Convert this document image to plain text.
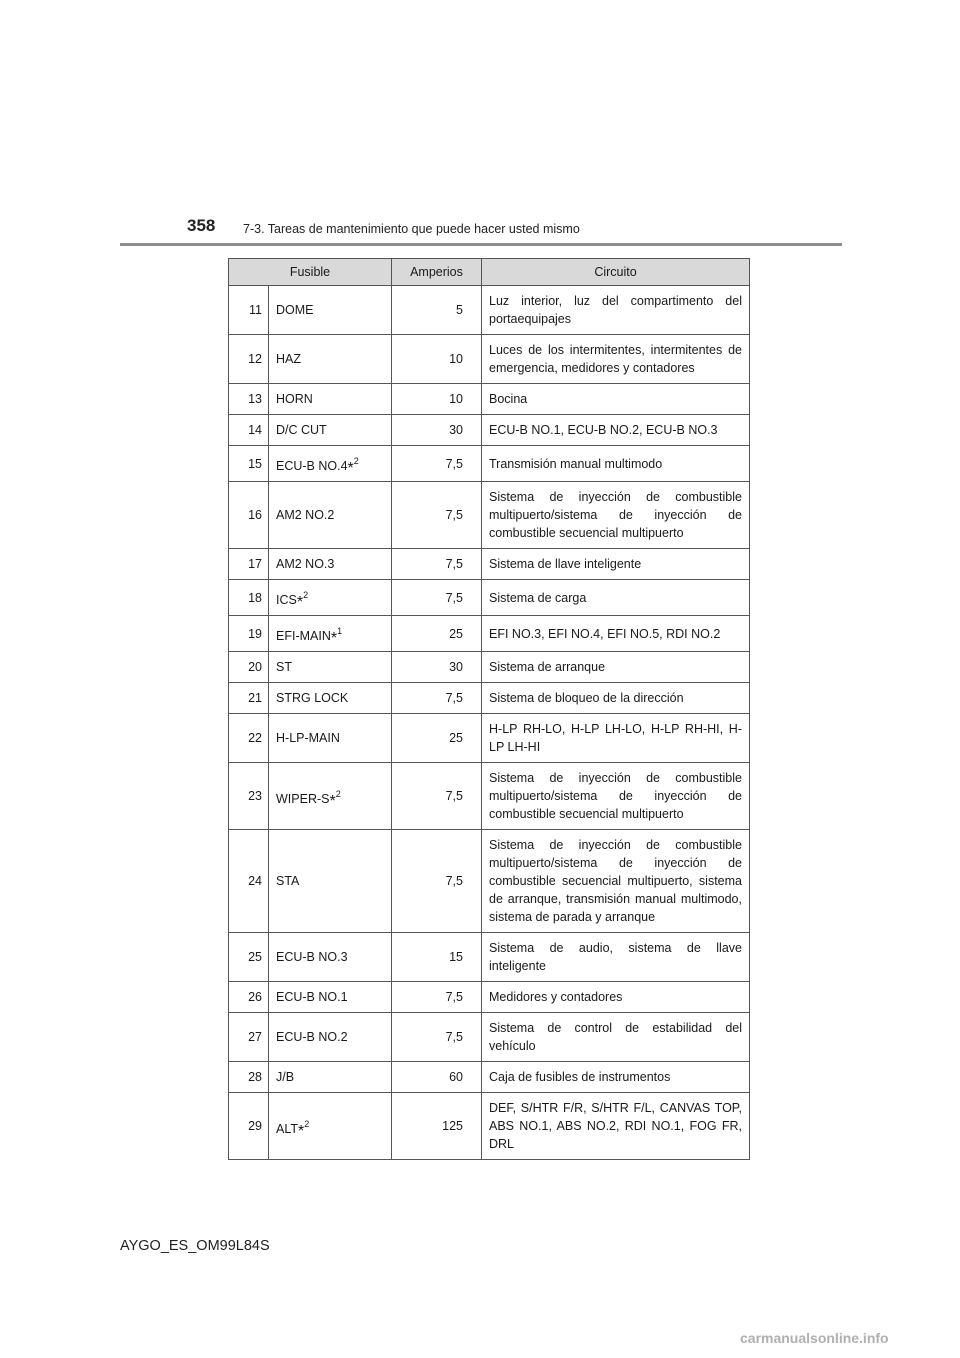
358 7-3. Tareas de mantenimiento que puede hacer usted mismo
Fusible		Amperios	Circuito
11	DOME	5	Luz interior, luz del compartimento del portaequipajes
12	HAZ	10	Luces de los intermitentes, intermitentes de emergencia, medidores y contadores
13	HORN	10	Bocina
14	D/C CUT	30	ECU-B NO.1, ECU-B NO.2, ECU-B NO.3
15	ECU-B NO.4*$^2$	7,5	Transmisión manual multimodo
16	AM2 NO.2	7,5	Sistema de inyección de combustible multipuerto/sistema de inyección de combustible secuencial multipuerto
17	AM2 NO.3	7,5	Sistema de llave inteligente
18	ICS*$^2$	7,5	Sistema de carga
19	EFI-MAIN*$^1$	25	EFI NO.3, EFI NO.4, EFI NO.5, RDI NO.2
20	ST	30	Sistema de arranque
21	STRG LOCK	7,5	Sistema de bloqueo de la dirección
22	H-LP-MAIN	25	H-LP RH-LO, H-LP LH-LO, H-LP RH-HI, H-LP LH-HI
23	WIPER-S*$^2$	7,5	Sistema de inyección de combustible multipuerto/sistema de inyección de combustible secuencial multipuerto
24	STA	7,5	Sistema de inyección de combustible multipuerto/sistema de inyección de combustible secuencial multipuerto, sistema de arranque, transmisión manual multimodo, sistema de parada y arranque
25	ECU-B NO.3	15	Sistema de audio, sistema de llave inteligente
26	ECU-B NO.1	7,5	Medidores y contadores
27	ECU-B NO.2	7,5	Sistema de control de estabilidad del vehículo
28	J/B	60	Caja de fusibles de instrumentos
29	ALT*$^2$	125	DEF, S/HTR F/R, S/HTR F/L, CANVAS TOP, ABS NO.1, ABS NO.2, RDI NO.1, FOG FR, DRL
AYGO_ES_OM99L84S
carmanualsonline.info
